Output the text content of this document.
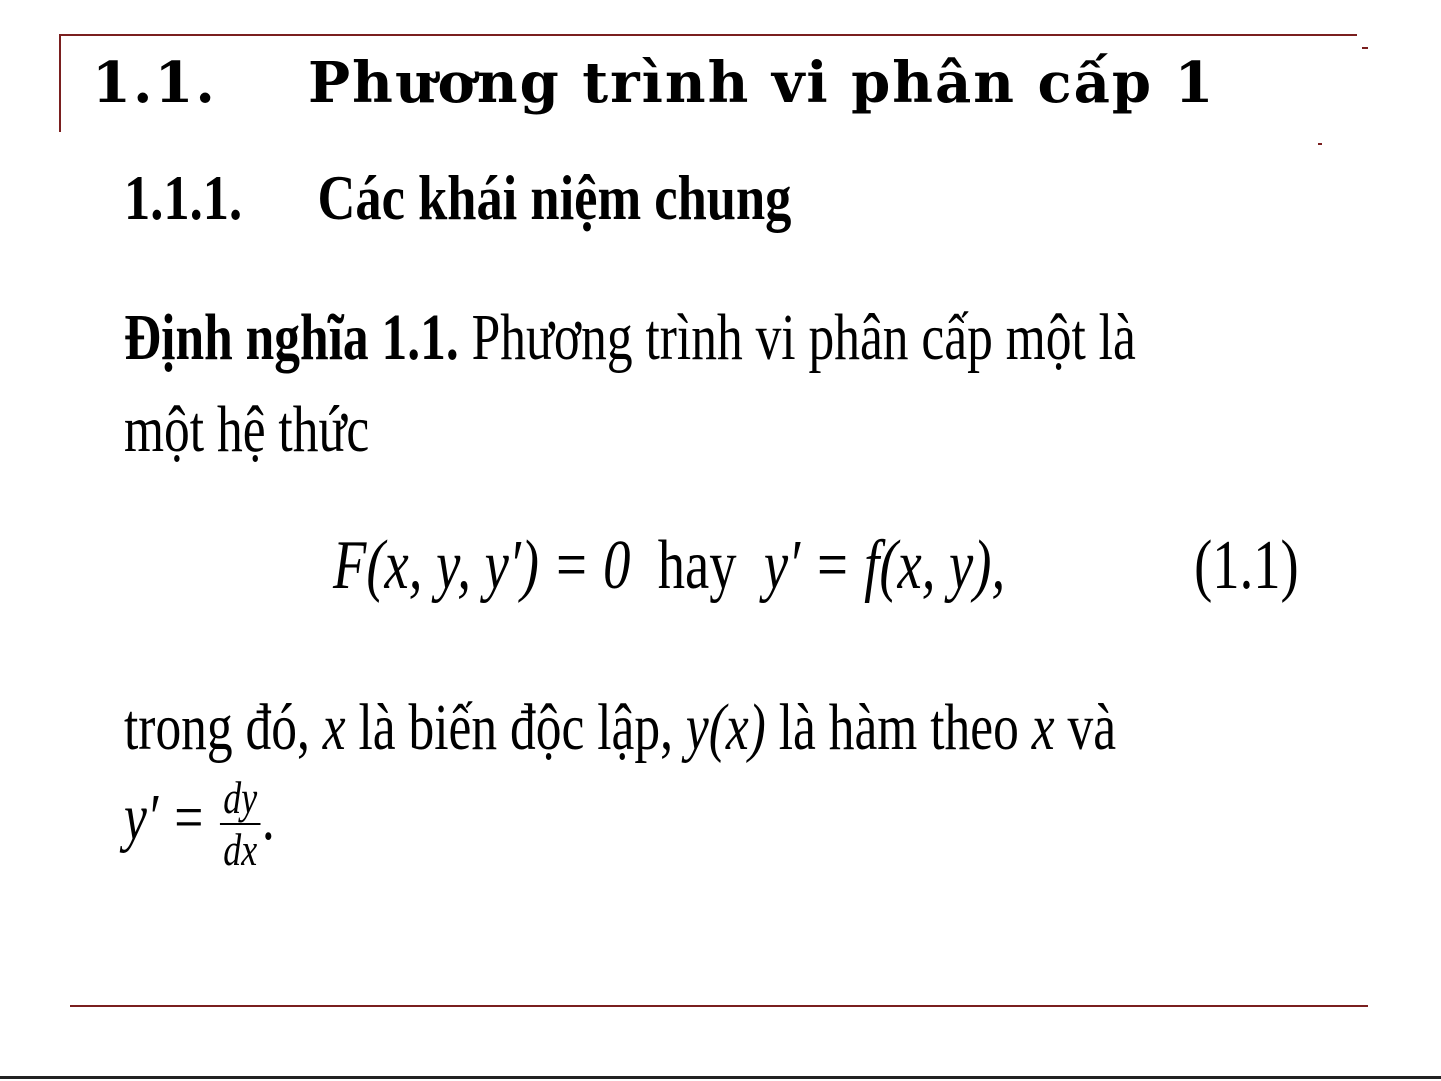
1.1. Phương trình vi phân cấp 1
1.1.1. Các khái niệm chung

Định nghĩa 1.1. Phương trình vi phân cấp một là
một hệ thức

F(x, y, y′) = 0 hay y′ = f(x, y),	(1.1)

trong đó, x là biến độc lập, y(x) là hàm theo x và

$y' = \frac{dy}{dx}$ .
